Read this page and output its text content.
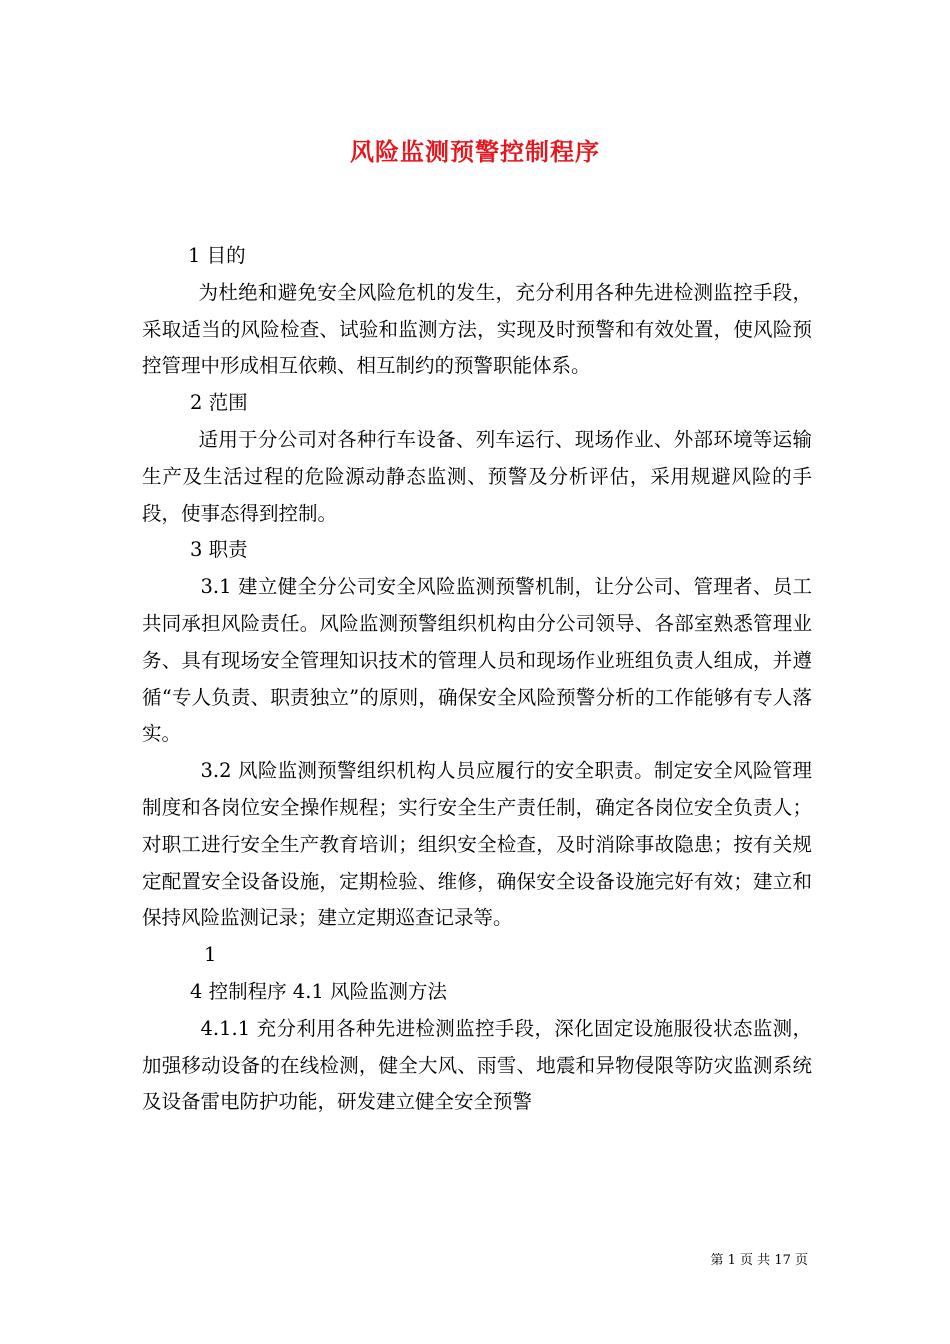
风险监测预警控制程序

1 目的

为杜绝和避免安全风险危机的发生，充分利用各种先进检测监控手段，采取适当的风险检查、试验和监测方法，实现及时预警和有效处置，使风险预控管理中形成相互依赖、相互制约的预警职能体系。

2 范围

适用于分公司对各种行车设备、列车运行、现场作业、外部环境等运输生产及生活过程的危险源动静态监测、预警及分析评估，采用规避风险的手段，使事态得到控制。

3 职责

3.1 建立健全分公司安全风险监测预警机制，让分公司、管理者、员工共同承担风险责任。风险监测预警组织机构由分公司领导、各部室熟悉管理业务、具有现场安全管理知识技术的管理人员和现场作业班组负责人组成，并遵循“专人负责、职责独立”的原则，确保安全风险预警分析的工作能够有专人落实。

3.2 风险监测预警组织机构人员应履行的安全职责。制定安全风险管理制度和各岗位安全操作规程；实行安全生产责任制，确定各岗位安全负责人；对职工进行安全生产教育培训；组织安全检查，及时消除事故隐患；按有关规定配置安全设备设施，定期检验、维修，确保安全设备设施完好有效；建立和保持风险监测记录；建立定期巡查记录等。

1

4 控制程序 4.1 风险监测方法

4.1.1 充分利用各种先进检测监控手段，深化固定设施服役状态监测，加强移动设备的在线检测，健全大风、雨雪、地震和异物侵限等防灾监测系统及设备雷电防护功能，研发建立健全安全预警

第 1 页 共 17 页
